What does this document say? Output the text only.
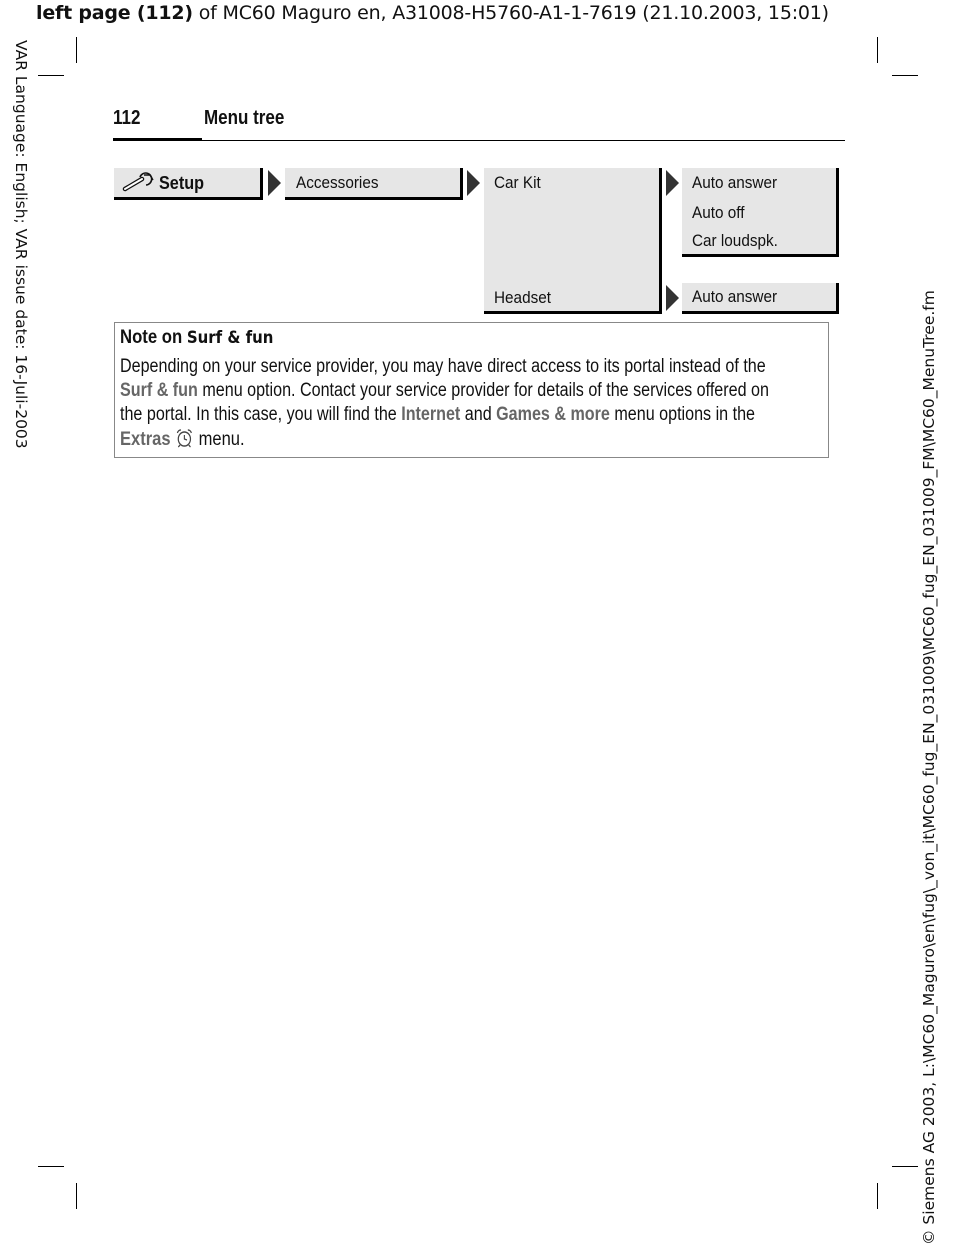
left page (112) of MC60 Maguro en, A31008-H5760-A1-1-7619 (21.10.2003, 15:01)
VAR Language: English; VAR issue date: 16-Juli-2003
© Siemens AG 2003, L:\MC60_Maguro\en\fug\_von_it\MC60_fug_EN_031009\MC60_fug_EN_031009_FM\MC60_MenuTree.fm
112	Menu tree
Setup	Accessories	Car Kit
Headset
Auto answer
Auto off
Car loudspk.
Auto answer
Note on Surf & fun
Depending on your service provider, you may have direct access to its portal instead of the
Surf & fun menu option. Contact your service provider for details of the services offered on
the portal. In this case, you will find the Internet and Games & more menu options in the
Extras menu.
